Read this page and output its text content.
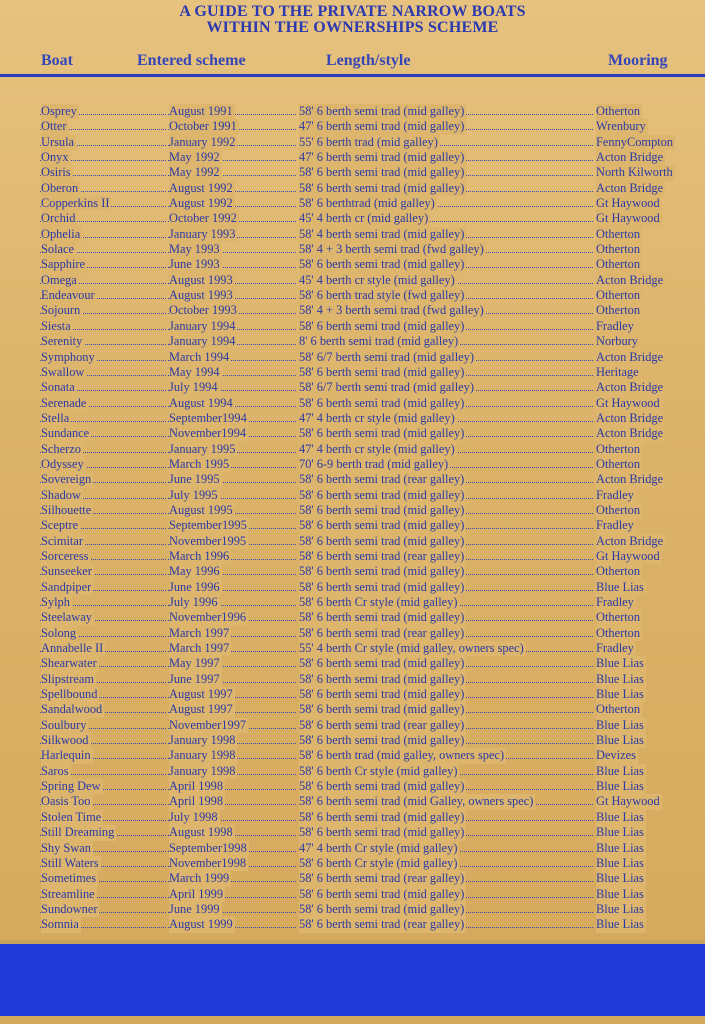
A GUIDE TO THE PRIVATE NARROW BOATS
WITHIN THE OWNERSHIPS SCHEME
Boat	Entered scheme	Length/style	Mooring
Osprey	August 1991	58' 6 berth semi trad (mid galley)	Otherton
Otter	October 1991	47' 6 berth semi trad (mid galley)	Wrenbury
Ursula	January 1992	55' 6 berth trad (mid galley)	FennyCompton
Onyx	May 1992	47' 6 berth semi trad (mid galley)	Acton Bridge
Osiris	May 1992	58' 6 berth semi trad (mid galley)	North Kilworth
Oberon	August 1992	58' 6 berth semi trad (mid galley)	Acton Bridge
Copperkins II	August 1992	58' 6 berthtrad (mid galley)	Gt Haywood
Orchid	October 1992	45' 4 berth cr (mid galley)	Gt Haywood
Ophelia	January 1993	58' 4 berth semi trad (mid galley)	Otherton
Solace	May 1993	58' 4 + 3 berth semi trad (fwd galley)	Otherton
Sapphire	June 1993	58' 6 berth semi trad (mid galley)	Otherton
Omega	August 1993	45' 4 berth cr style (mid galley)	Acton Bridge
Endeavour	August 1993	58' 6 berth trad style (fwd galley)	Otherton
Sojourn	October 1993	58' 4 + 3 berth semi trad (fwd galley)	Otherton
Siesta	January 1994	58' 6 berth semi trad (mid galley)	Fradley
Serenity	January 1994	8' 6 berth semi trad (mid galley)	Norbury
Symphony	March 1994	58' 6/7 berth semi trad (mid galley)	Acton Bridge
Swallow	May 1994	58' 6 berth semi trad (mid galley)	Heritage
Sonata	July 1994	58' 6/7 berth semi trad (mid galley)	Acton Bridge
Serenade	August 1994	58' 6 berth semi trad (mid galley)	Gt Haywood
Stella	September1994	47' 4 berth cr style (mid galley)	Acton Bridge
Sundance	November1994	58' 6 berth semi trad (mid galley)	Acton Bridge
Scherzo	January 1995	47' 4 berth cr style (mid galley)	Otherton
Odyssey	March 1995	70' 6-9 berth trad (mid galley)	Otherton
Sovereign	June 1995	58' 6 berth semi trad (rear galley)	Acton Bridge
Shadow	July 1995	58' 6 berth semi trad (mid galley)	Fradley
Silhouette	August 1995	58' 6 berth semi trad (mid galley)	Otherton
Sceptre	September1995	58' 6 berth semi trad (mid galley)	Fradley
Scimitar	November1995	58' 6 berth semi trad (mid galley)	Acton Bridge
Sorceress	March 1996	58' 6 berth semi trad (rear galley)	Gt Haywood
Sunseeker	May 1996	58' 6 berth semi trad (mid galley)	Otherton
Sandpiper	June 1996	58' 6 berth semi trad (mid galley)	Blue Lias
Sylph	July 1996	58' 6 berth Cr style (mid galley)	Fradley
Steelaway	November1996	58' 6 berth semi trad (mid galley)	Otherton
Solong	March 1997	58' 6 berth semi trad (rear galley)	Otherton
Annabelle II	March 1997	55' 4 berth Cr style (mid galley, owners spec)	Fradley
Shearwater	May 1997	58' 6 berth semi trad (mid galley)	Blue Lias
Slipstream	June 1997	58' 6 berth semi trad (mid galley)	Blue Lias
Spellbound	August 1997	58' 6 berth semi trad (mid galley)	Blue Lias
Sandalwood	August 1997	58' 6 berth semi trad (mid galley)	Otherton
Soulbury	November1997	58' 6 berth semi trad (rear galley)	Blue Lias
Silkwood	January 1998	58' 6 berth semi trad (mid galley)	Blue Lias
Harlequin	January 1998	58' 6 berth trad (mid galley, owners spec)	Devizes
Saros	January 1998	58' 6 berth Cr style (mid galley)	Blue Lias
Spring Dew	April 1998	58' 6 berth semi trad (mid galley)	Blue Lias
Oasis Too	April 1998	58' 6 berth semi trad (mid Galley, owners spec)	Gt Haywood
Stolen Time	July 1998	58' 6 berth semi trad (mid galley)	Blue Lias
Still Dreaming	August 1998	58' 6 berth semi trad (mid galley)	Blue Lias
Shy Swan	September1998	47' 4 berth Cr style (mid galley)	Blue Lias
Still Waters	November1998	58' 6 berth Cr style (mid galley)	Blue Lias
Sometimes	March 1999	58' 6 berth semi trad (rear galley)	Blue Lias
Streamline	April 1999	58' 6 berth semi trad (mid galley)	Blue Lias
Sundowner	June 1999	58' 6 berth semi trad (mid galley)	Blue Lias
Somnia	August 1999	58' 6 berth semi trad (rear galley)	Blue Lias
